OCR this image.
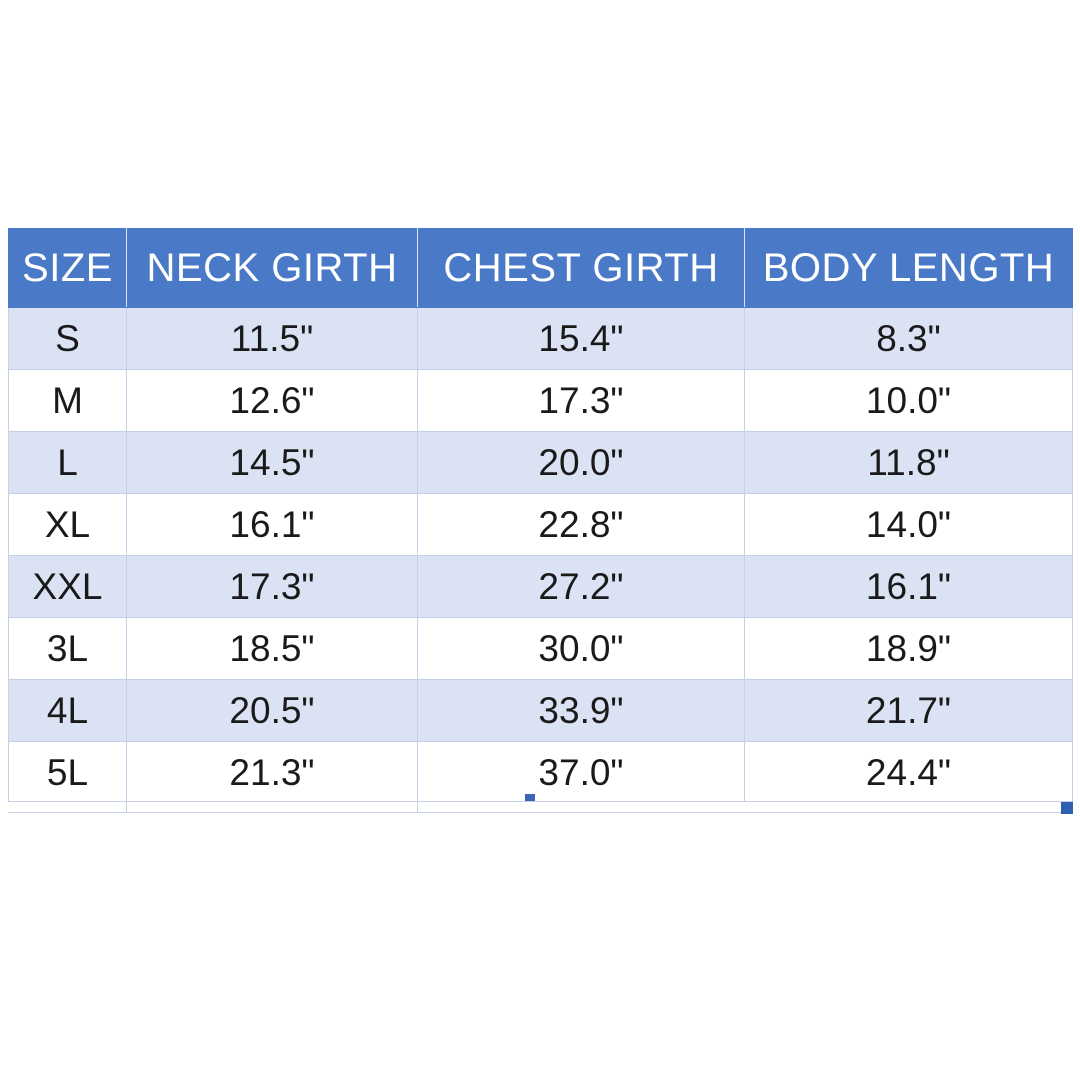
SIZE	NECK GIRTH	CHEST GIRTH	BODY LENGTH
S	11.5"	15.4"	8.3"
M	12.6"	17.3"	10.0"
L	14.5"	20.0"	11.8"
XL	16.1"	22.8"	14.0"
XXL	17.3"	27.2"	16.1"
3L	18.5"	30.0"	18.9"
4L	20.5"	33.9"	21.7"
5L	21.3"	37.0"	24.4"
